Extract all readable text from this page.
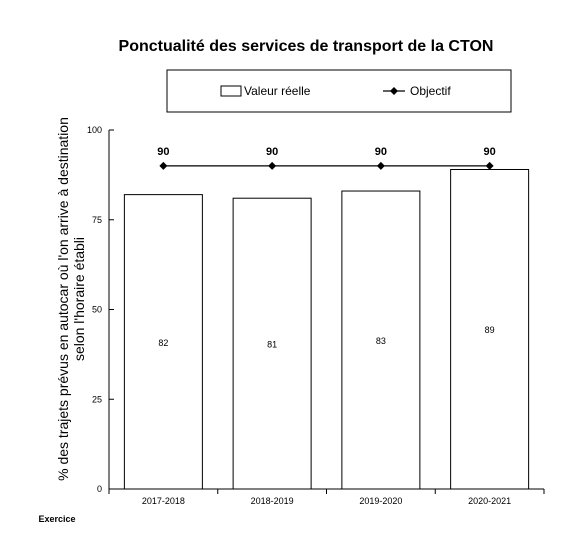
Ponctualité des services de transport de la CTON
Valeur réelle	Objectif
% des trajets prévus en autocar où l'on arrive à destination selon l'horaire établi
Exercice
82	81	83
89
0
25
50
75
100
2017-2018	2018-2019	2019-2020	2020-2021
90	90	90	90
